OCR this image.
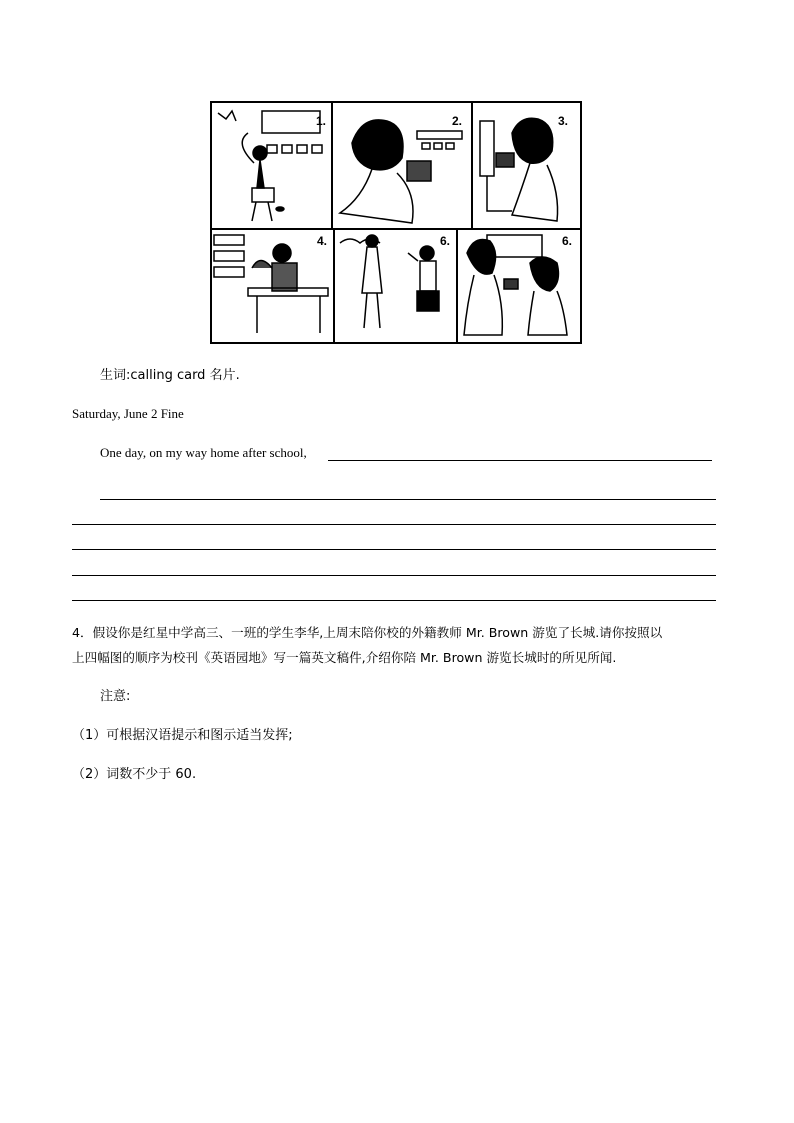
1.	2.	3.
4.	6.	6.
生词:calling card 名片.
Saturday, June 2 Fine
One day, on my way home after school,
4．假设你是红星中学高三、一班的学生李华,上周末陪你校的外籍教师 Mr. Brown 游览了长城.请你按照以
上四幅图的顺序为校刊《英语园地》写一篇英文稿件,介绍你陪 Mr. Brown 游览长城时的所见所闻.
注意:
（1）可根据汉语提示和图示适当发挥;
（2）词数不少于 60.
